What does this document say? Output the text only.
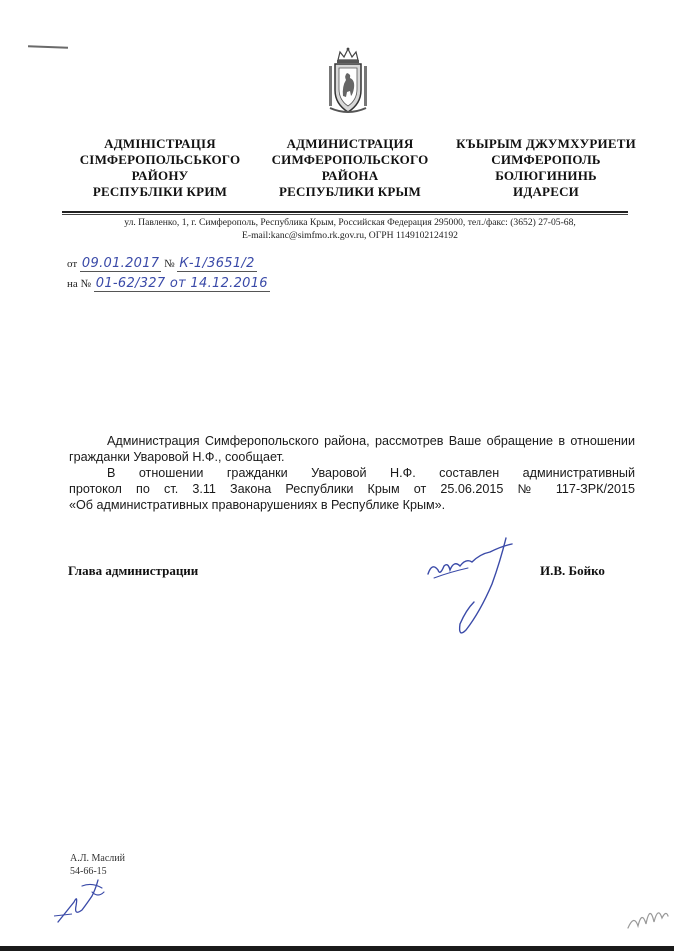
АДМІНІСТРАЦІЯ
СІМФЕРОПОЛЬСЬКОГО
РАЙОНУ
РЕСПУБЛІКИ КРИМ
АДМИНИСТРАЦИЯ
СИМФЕРОПОЛЬСКОГО
РАЙОНА
РЕСПУБЛИКИ КРЫМ
КЪЫРЫМ ДЖУМХУРИЕТИ
СИМФЕРОПОЛЬ
БОЛЮГИНИНЬ
ИДАРЕСИ
ул. Павленко, 1, г. Симферополь, Республика Крым, Российская Федерация 295000, тел./факс: (3652) 27-05-68,
E-mail:kanc@simfmo.rk.gov.ru, ОГРН 1149102124192
от 09.01.2017 № К-1/3651/2
на № 01-62/327 от 14.12.2016

Администрация Симферопольского района, рассмотрев Ваше обращение в отношении гражданки Уваровой Н.Ф., сообщает.

В отношении гражданки Уваровой Н.Ф. составлен административный

протокол по ст. 3.11 Закона Республики Крым от 25.06.2015 № 117-ЗРК/2015

«Об административных правонарушениях в Республике Крым».

Глава администрации	И.В. Бойко
А.Л. Маслий
54-66-15
